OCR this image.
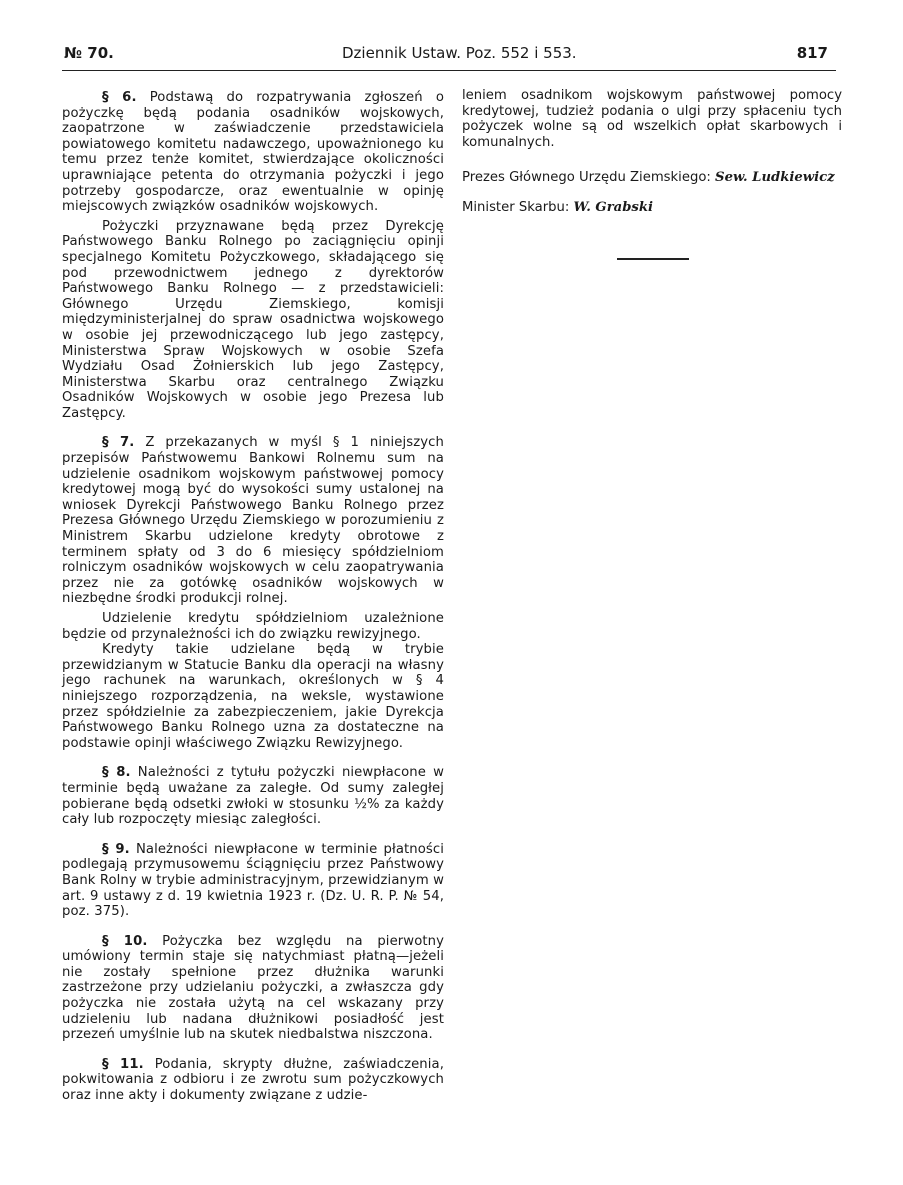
№ 70.	Dziennik Ustaw. Poz. 552 i 553.	817

§ 6. Podstawą do rozpatrywania zgłoszeń o pożyczkę będą podania osadników wojskowych, zaopatrzone w zaświadczenie przedstawiciela powiatowego komitetu nadawczego, upoważnionego ku temu przez tenże komitet, stwierdzające okoliczności uprawniające petenta do otrzymania pożyczki i jego potrzeby gospodarcze, oraz ewentualnie w opinję miejscowych związków osadników wojskowych.

Pożyczki przyznawane będą przez Dyrekcję Państwowego Banku Rolnego po zaciągnięciu opinji specjalnego Komitetu Pożyczkowego, składającego się pod przewodnictwem jednego z dyrektorów Państwowego Banku Rolnego — z przedstawicieli: Głównego Urzędu Ziemskiego, komisji międzyministerjalnej do spraw osadnictwa wojskowego w osobie jej przewodniczącego lub jego zastępcy, Ministerstwa Spraw Wojskowych w osobie Szefa Wydziału Osad Żołnierskich lub jego Zastępcy, Ministerstwa Skarbu oraz centralnego Związku Osadników Wojskowych w osobie jego Prezesa lub Zastępcy.

§ 7. Z przekazanych w myśl § 1 niniejszych przepisów Państwowemu Bankowi Rolnemu sum na udzielenie osadnikom wojskowym państwowej pomocy kredytowej mogą być do wysokości sumy ustalonej na wniosek Dyrekcji Państwowego Banku Rolnego przez Prezesa Głównego Urzędu Ziemskiego w porozumieniu z Ministrem Skarbu udzielone kredyty obrotowe z terminem spłaty od 3 do 6 miesięcy spółdzielniom rolniczym osadników wojskowych w celu zaopatrywania przez nie za gotówkę osadników wojskowych w niezbędne środki produkcji rolnej.

Udzielenie kredytu spółdzielniom uzależnione będzie od przynależności ich do związku rewizyjnego.

Kredyty takie udzielane będą w trybie przewidzianym w Statucie Banku dla operacji na własny jego rachunek na warunkach, określonych w § 4 niniejszego rozporządzenia, na weksle, wystawione przez spółdzielnie za zabezpieczeniem, jakie Dyrekcja Państwowego Banku Rolnego uzna za dostateczne na podstawie opinji właściwego Związku Rewizyjnego.

§ 8. Należności z tytułu pożyczki niewpłacone w terminie będą uważane za zaległe. Od sumy zaległej pobierane będą odsetki zwłoki w stosunku ½% za każdy cały lub rozpoczęty miesiąc zaległości.

§ 9. Należności niewpłacone w terminie płatności podlegają przymusowemu ściągnięciu przez Państwowy Bank Rolny w trybie administracyjnym, przewidzianym w art. 9 ustawy z d. 19 kwietnia 1923 r. (Dz. U. R. P. № 54, poz. 375).

§ 10. Pożyczka bez względu na pierwotny umówiony termin staje się natychmiast płatną—jeżeli nie zostały spełnione przez dłużnika warunki zastrzeżone przy udzielaniu pożyczki, a zwłaszcza gdy pożyczka nie została użytą na cel wskazany przy udzieleniu lub nadana dłużnikowi posiadłość jest przezeń umyślnie lub na skutek niedbalstwa niszczona.

§ 11. Podania, skrypty dłużne, zaświadczenia, pokwitowania z odbioru i ze zwrotu sum pożyczkowych oraz inne akty i dokumenty związane z udzie-

leniem osadnikom wojskowym państwowej pomocy kredytowej, tudzież podania o ulgi przy spłaceniu tych pożyczek wolne są od wszelkich opłat skarbowych i komunalnych.

Prezes Głównego Urzędu Ziemskiego: Sew. Ludkiewicz

Minister Skarbu: W. Grabski
